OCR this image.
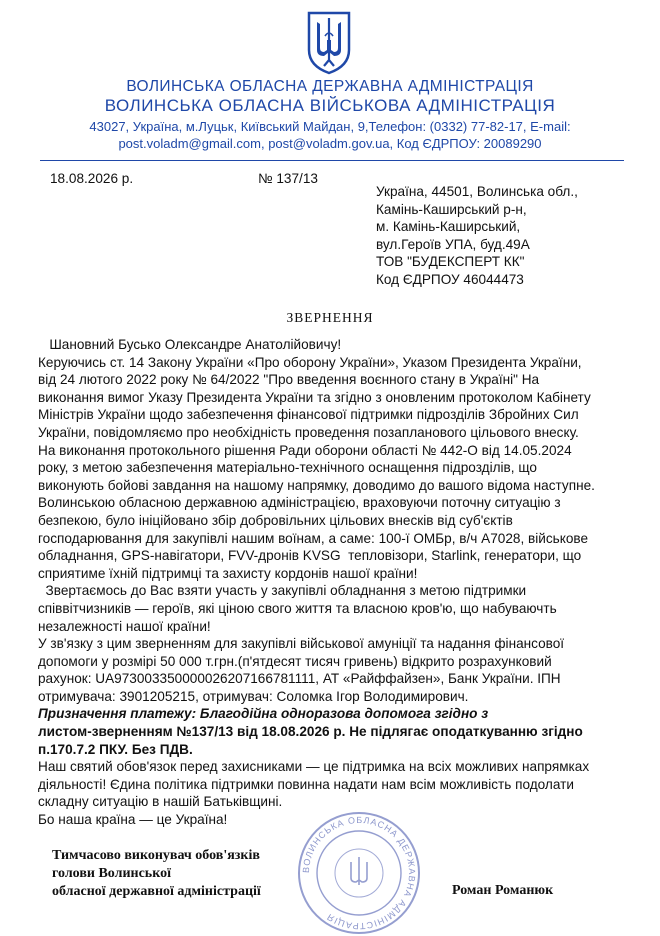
ВОЛИНСЬКА ОБЛАСНА ДЕРЖАВНА АДМІНІСТРАЦІЯ
ВОЛИНСЬКА ОБЛАСНА ВІЙСЬКОВА АДМІНІСТРАЦІЯ
43027, Україна, м.Луцьк, Київський Майдан, 9,Телефон: (0332) 77-82-17, E-mail:
post.voladm@gmail.com, post@voladm.gov.ua, Код ЄДРПОУ: 20089290
18.08.2026 р.	№ 137/13
Україна, 44501, Волинська обл.,
Камінь-Каширський р-н,
м. Камінь-Каширський,
вул.Героїв УПА, буд.49А
ТОВ "БУДЕКСПЕРТ КК"
Код ЄДРПОУ 46044473
ЗВЕРНЕННЯ
Шановний Бусько Олександре Анатолійовичу!
Керуючись ст. 14 Закону України «Про оборону України», Указом Президента України,
від 24 лютого 2022 року № 64/2022 "Про введення воєнного стану в Україні" На
виконання вимог Указу Президента України та згідно з оновленим протоколом Кабінету
Міністрів України щодо забезпечення фінансової підтримки підрозділів Збройних Сил
України, повідомляємо про необхідність проведення позапланового цільового внеску.
На виконання протокольного рішення Ради оборони області № 442-О від 14.05.2024
року, з метою забезпечення матеріально-технічного оснащення підрозділів, що
виконують бойові завдання на нашому напрямку, доводимо до вашого відома наступне.
Волинською обласною державною адміністрацією, враховуючи поточну ситуацію з
безпекою, було ініційовано збір добровільних цільових внесків від суб'єктів
господарювання для закупівлі нашим воїнам, а саме: 100-ї ОМБр, в/ч А7028, військове
обладнання, GPS-навігатори, FVV-дронів KVSG  тепловізори, Starlink, генератори, що
сприятиме їхній підтримці та захисту кордонів нашої країни!
Звертаємось до Вас взяти участь у закупівлі обладнання з метою підтримки
співвітчизників — героїв, які ціною свого життя та власною кров'ю, що набуваючть
незалежності нашої країни!
У зв'язку з цим зверненням для закупівлі військової амуніції та надання фінансової
допомоги у розмірі 50 000 т.грн.(п'ятдесят тисяч гривень) відкрито розрахунковий
рахунок: UA973003350000026207166781111, АТ «Райффайзен», Банк України. ІПН
отримувача: 3901205215, отримувач: Соломка Ігор Володимирович.
Призначення платежу: Благодійна одноразова допомога згідно з
листом-зверненням №137/13 від 18.08.2026 р. Не підлягає оподаткуванню згідно
п.170.7.2 ПКУ. Без ПДВ.
Наш святий обов'язок перед захисниками — це підтримка на всіх можливих напрямках
діяльності! Єдина політика підтримки повинна надати нам всім можливість подолати
складну ситуацію в нашій Батьківщині.
Бо наша країна — це Україна!
ВОЛИНСЬКА ОБЛАСНА ДЕРЖАВНА АДМІНІСТРАЦІЯ
Тимчасово виконувач обов'язків
голови Волинської
обласної державної адміністрації	Роман Романюк
